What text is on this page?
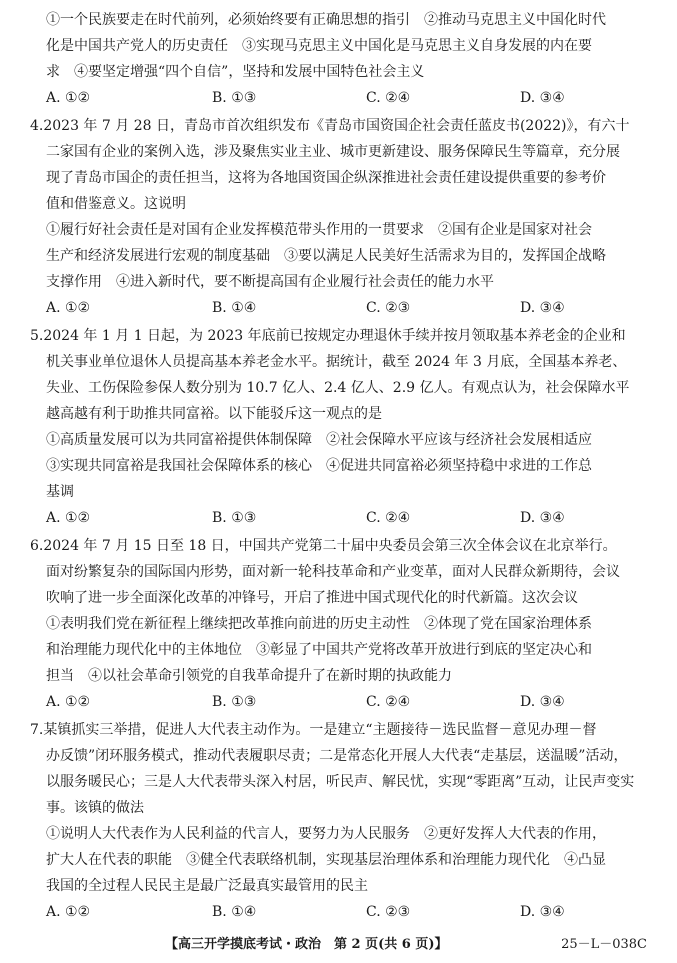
①一个民族要走在时代前列，必须始终要有正确思想的指引　②推动马克思主义中国化时代
化是中国共产党人的历史责任　③实现马克思主义中国化是马克思主义自身发展的内在要
求　④要坚定增强“四个自信”，坚持和发展中国特色社会主义
A. ①②	B. ①③	C. ②④	D. ③④
4.2023 年 7 月 28 日，青岛市首次组织发布《青岛市国资国企社会责任蓝皮书(2022)》，有六十
二家国有企业的案例入选，涉及聚焦实业主业、城市更新建设、服务保障民生等篇章，充分展
现了青岛市国企的责任担当，这将为各地国资国企纵深推进社会责任建设提供重要的参考价
值和借鉴意义。这说明
①履行好社会责任是对国有企业发挥模范带头作用的一贯要求　②国有企业是国家对社会
生产和经济发展进行宏观的制度基础　③要以满足人民美好生活需求为目的，发挥国企战略
支撑作用　④进入新时代，要不断提高国有企业履行社会责任的能力水平
A. ①②	B. ①④	C. ②③	D. ③④
5.2024 年 1 月 1 日起，为 2023 年底前已按规定办理退休手续并按月领取基本养老金的企业和
机关事业单位退休人员提高基本养老金水平。据统计，截至 2024 年 3 月底，全国基本养老、
失业、工伤保险参保人数分别为 10.7 亿人、2.4 亿人、2.9 亿人。有观点认为，社会保障水平
越高越有利于助推共同富裕。以下能驳斥这一观点的是
①高质量发展可以为共同富裕提供体制保障　②社会保障水平应该与经济社会发展相适应
③实现共同富裕是我国社会保障体系的核心　④促进共同富裕必须坚持稳中求进的工作总
基调
A. ①②	B. ①③	C. ②④	D. ③④
6.2024 年 7 月 15 日至 18 日，中国共产党第二十届中央委员会第三次全体会议在北京举行。
面对纷繁复杂的国际国内形势，面对新一轮科技革命和产业变革，面对人民群众新期待，会议
吹响了进一步全面深化改革的冲锋号，开启了推进中国式现代化的时代新篇。这次会议
①表明我们党在新征程上继续把改革推向前进的历史主动性　②体现了党在国家治理体系
和治理能力现代化中的主体地位　③彰显了中国共产党将改革开放进行到底的坚定决心和
担当　④以社会革命引领党的自我革命提升了在新时期的执政能力
A. ①②	B. ①③	C. ②④	D. ③④
7.某镇抓实三举措，促进人大代表主动作为。一是建立“主题接待－选民监督－意见办理－督
办反馈”闭环服务模式，推动代表履职尽责；二是常态化开展人大代表“走基层，送温暖”活动，
以服务暖民心；三是人大代表带头深入村居，听民声、解民忧，实现“零距离”互动，让民声变实
事。该镇的做法
①说明人大代表作为人民利益的代言人，要努力为人民服务　②更好发挥人大代表的作用，
扩大人在代表的职能　③健全代表联络机制，实现基层治理体系和治理能力现代化　④凸显
我国的全过程人民民主是最广泛最真实最管用的民主
A. ①②	B. ①④	C. ②③	D. ③④
【高三开学摸底考试・政治　第 2 页(共 6 页)】	25－L－038C
